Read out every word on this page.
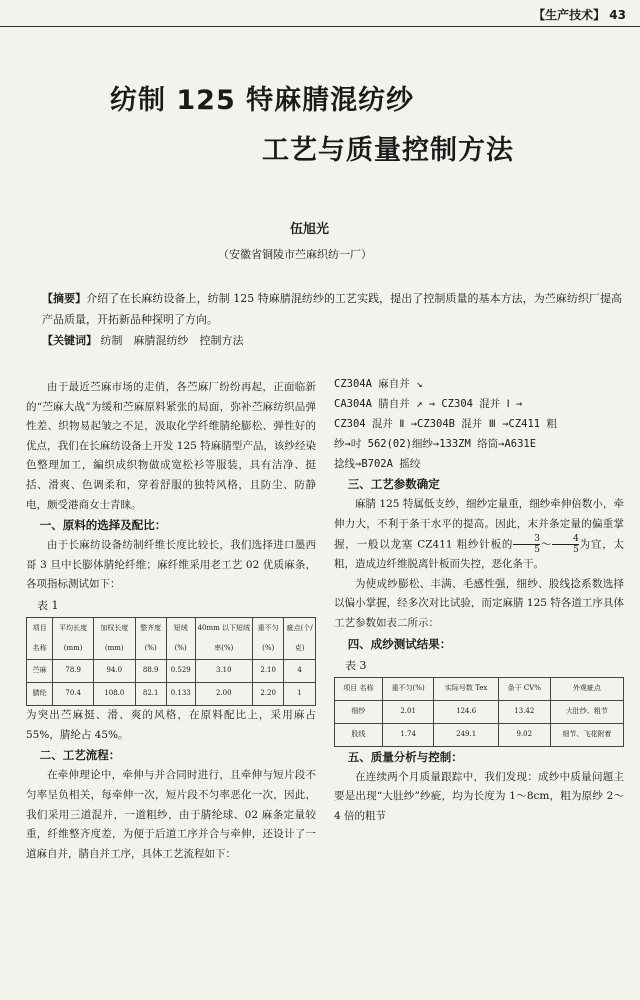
【生产技术】 43
纺制 125 特麻腈混纺纱
工艺与质量控制方法
伍旭光
（安徽省铜陵市苎麻织纺一厂）
【摘要】介绍了在长麻纺设备上，纺制 125 特麻腈混纺纱的工艺实践，提出了控制质量的基本方法，为苎麻纺织厂提高产品质量，开拓新品种探明了方向。
【关键词】 纺制　麻腈混纺纱　控制方法

由于最近苎麻市场的走俏，各苎麻厂纷纷再起，正面临新的“苎麻大战”为缓和苎麻原料紧张的局面，弥补苎麻纺织品弹性差、织物易起皱之不足，汲取化学纤维腈纶膨松、弹性好的优点，我们在长麻纺设备上开发 125 特麻腈型产品，该纱经染色整理加工，編织成织物做成宽松衫等服装，具有洁净、挺括、滑爽、色调柔和，穿着舒服的独特风格，且防尘、防静电，颇受港商女士青睐。

一、原料的选择及配比：

由于长麻纺设备纺制纤维长度比较长，我们选择进口墨西哥 3 旦中长膨体腈纶纤维；麻纤维采用老工艺 02 优质麻条，各项指标测试如下：

表 1
项目 名称	平均长度(mm)	加权长度(mm)	整齐度(%)	短绒(%)	40mm 以下短绒率(%)	重不匀(%)	疵点(个/克)
苎麻	78.9	94.0	88.9	0.529	3.10	2.10	4
腈纶	70.4	108.0	82.1	0.133	2.00	2.20	1

为突出苎麻挺、滑、爽的风格，在原料配比上，采用麻占 55%，腈纶占 45%。

二、工艺流程：

在牵伸理论中，牵伸与并合同时进行，且牵伸与短片段不匀率呈负相关，每牵伸一次，短片段不匀率恶化一次，因此，我们采用三道混并，一道粗纱，由于腈纶球、02 麻条定量较重，纤维整齐度差，为便于后道工序并合与牵伸，还设计了一道麻自并，腈自并工序，具体工艺流程如下：

CZ304A 麻自并 ↘
CA304A 腈自并 ↗ → CZ304 混并 Ⅰ →
CZ304 混并 Ⅱ →CZ304B 混并 Ⅲ →CZ411 粗
纱→吋 562(02)细纱→133ZM 络筒→A631E
捻线→B702A 摇绞
三、工艺参数确定

麻腈 125 特属低支纱，细纱定量重，细纱牵伸倍数小，牵伸力大，不利于条干水平的提高。因此，末并条定量的偏重掌握，一般以龙塞 CZ411 粗纱针板的 $\frac{3}{5}$ ～ $\frac{4}{5}$ 为宜，太粗，造成边纤维脱离针板而失控，恶化条干。

为使成纱膨松、丰满、毛感性强，细纱、股线捻系数选择以偏小掌握，经多次对比试验，而定麻腈 125 特各道工序具体工艺参数如表二所示：

四、成纱测试结果：
表 3
项目 名称	重不匀(%)	实际号数 Tex	条干 CV%	外观疵点
细纱	2.01	124.6	13.42	大肚纱、粗节
股线	1.74	249.1	9.02	细节、飞花附着
五、质量分析与控制：

在连续两个月质量跟踪中，我们发现：成纱中质量问题主要是出现“大肚纱”纱疵，均为长度为 1～8cm，粗为原纱 2～4 倍的粗节
